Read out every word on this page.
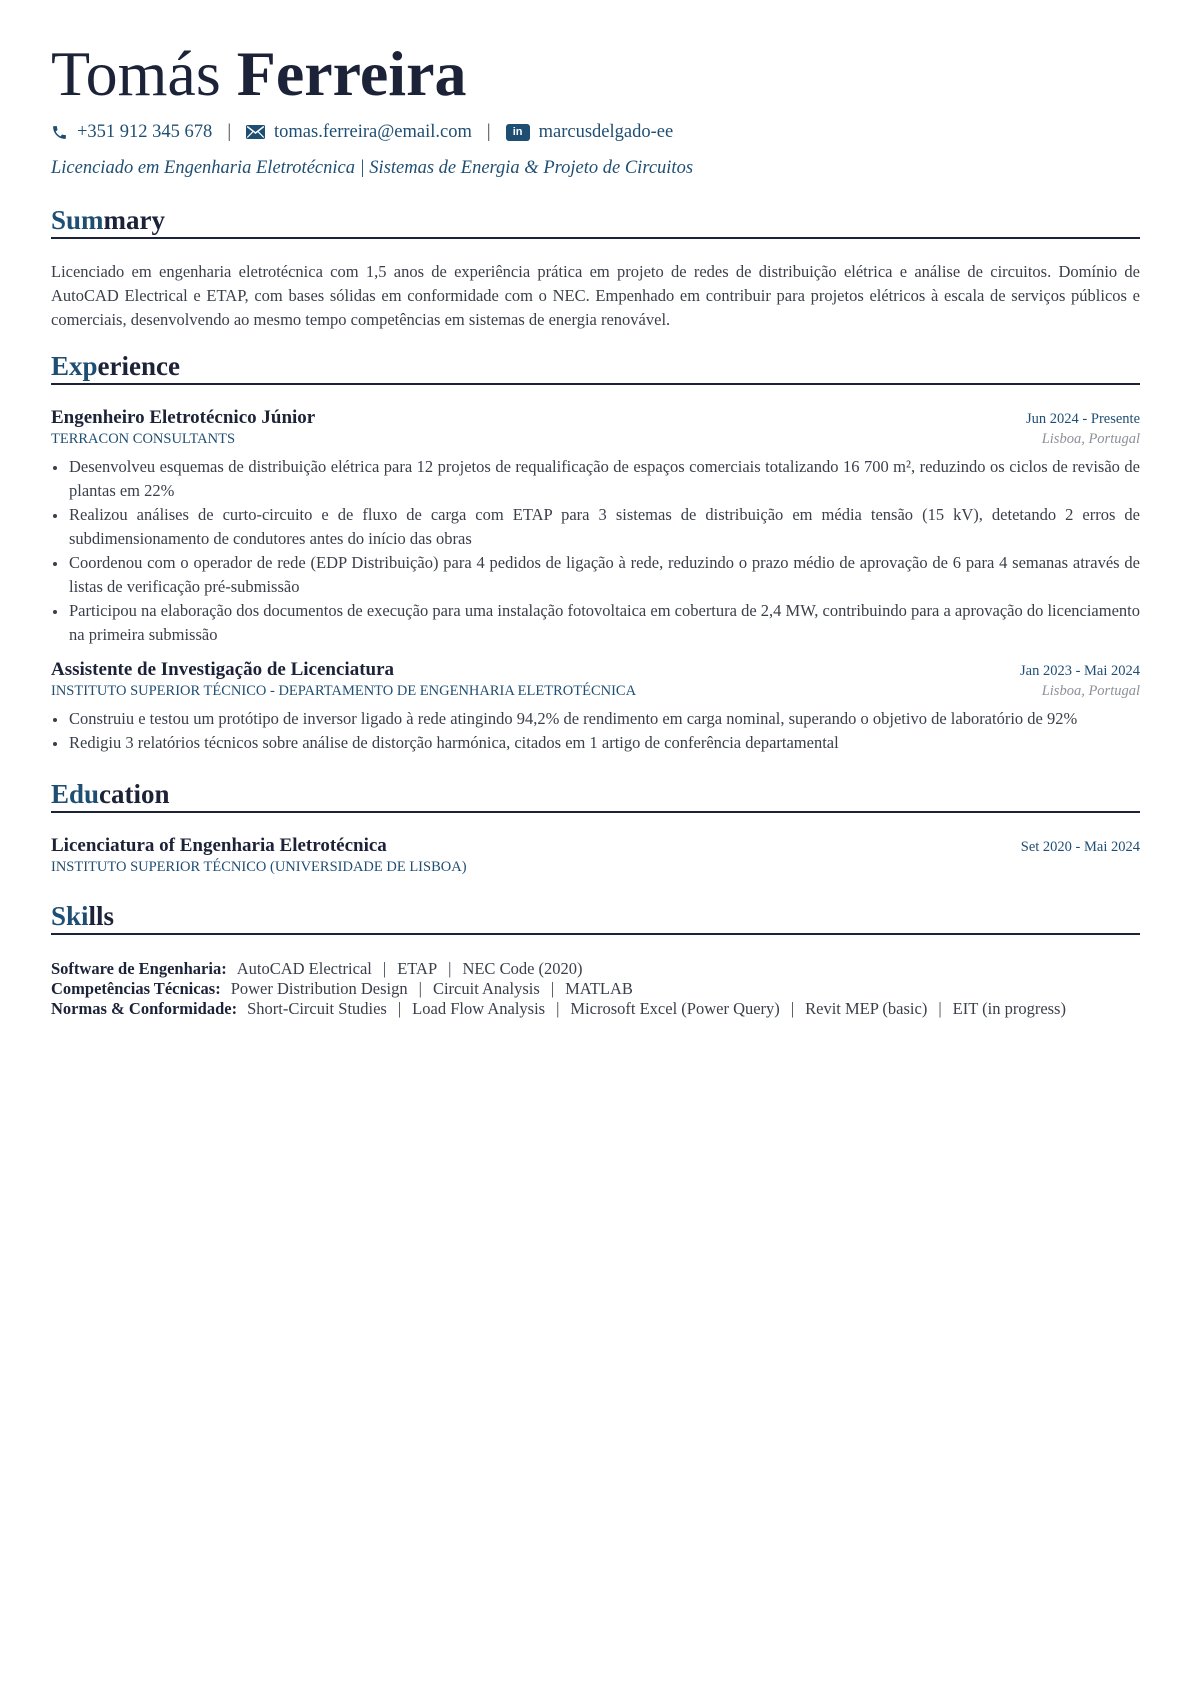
Tomás Ferreira
+351 912 345 678 | tomas.ferreira@email.com |	in marcusdelgado-ee
Licenciado em Engenharia Eletrotécnica | Sistemas de Energia & Projeto de Circuitos
Summary

Licenciado em engenharia eletrotécnica com 1,5 anos de experiência prática em projeto de redes de distribuição elétrica e análise de circuitos. Domínio de AutoCAD Electrical e ETAP, com bases sólidas em conformidade com o NEC. Empenhado em contribuir para projetos elétricos à escala de serviços públicos e comerciais, desenvolvendo ao mesmo tempo competências em sistemas de energia renovável.

Experience
Engenheiro Eletrotécnico Júnior	Jun 2024 - Presente
TERRACON CONSULTANTS	Lisboa, Portugal
Desenvolveu esquemas de distribuição elétrica para 12 projetos de requalificação de espaços comerciais totalizando 16 700 m², reduzindo os ciclos de revisão de plantas em 22%
Realizou análises de curto-circuito e de fluxo de carga com ETAP para 3 sistemas de distribuição em média tensão (15 kV), detetando 2 erros de subdimensionamento de condutores antes do início das obras
Coordenou com o operador de rede (EDP Distribuição) para 4 pedidos de ligação à rede, reduzindo o prazo médio de aprovação de 6 para 4 semanas através de listas de verificação pré-submissão
Participou na elaboração dos documentos de execução para uma instalação fotovoltaica em cobertura de 2,4 MW, contribuindo para a aprovação do licenciamento na primeira submissão
Assistente de Investigação de Licenciatura	Jan 2023 - Mai 2024
INSTITUTO SUPERIOR TÉCNICO - DEPARTAMENTO DE ENGENHARIA ELETROTÉCNICA	Lisboa, Portugal
Construiu e testou um protótipo de inversor ligado à rede atingindo 94,2% de rendimento em carga nominal, superando o objetivo de laboratório de 92%
Redigiu 3 relatórios técnicos sobre análise de distorção harmónica, citados em 1 artigo de conferência departamental
Education
Licenciatura of Engenharia Eletrotécnica	Set 2020 - Mai 2024
INSTITUTO SUPERIOR TÉCNICO (UNIVERSIDADE DE LISBOA)
Skills
Software de Engenharia: AutoCAD Electrical | ETAP | NEC Code (2020)
Competências Técnicas: Power Distribution Design | Circuit Analysis | MATLAB
Normas & Conformidade: Short-Circuit Studies | Load Flow Analysis | Microsoft Excel (Power Query) | Revit MEP (basic) | EIT (in progress)
